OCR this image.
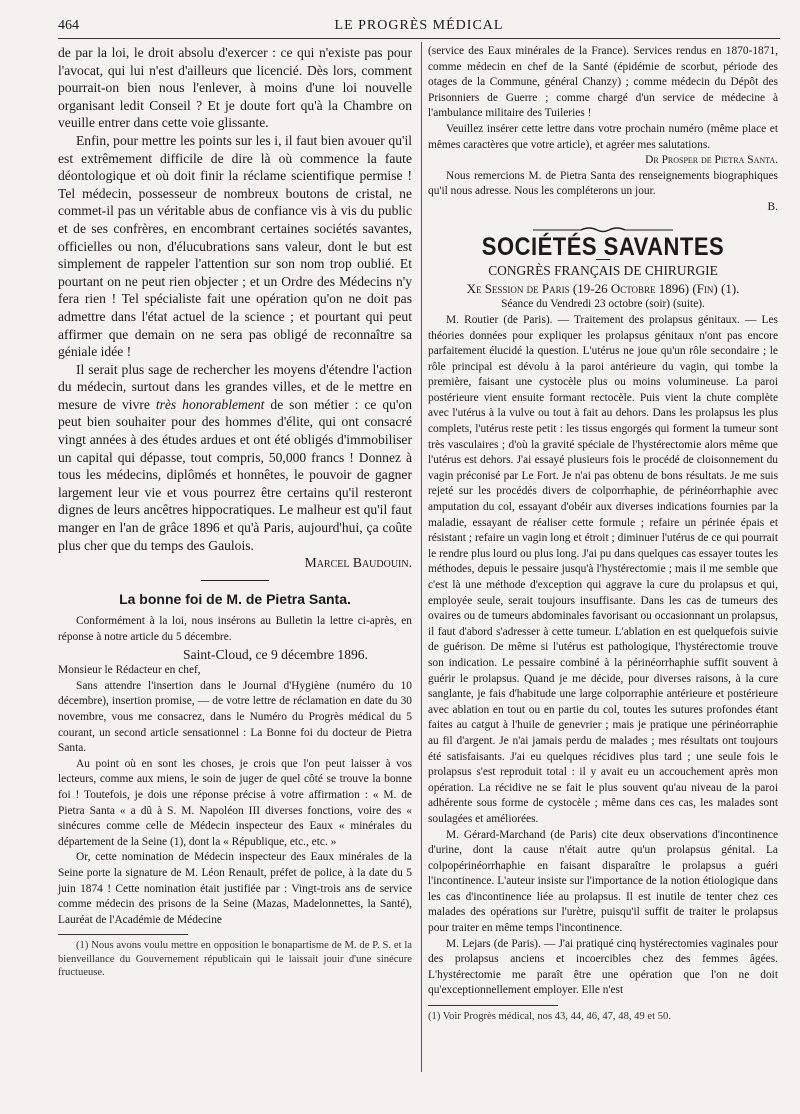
464	LE PROGRÈS MÉDICAL

de par la loi, le droit absolu d'exercer : ce qui n'existe pas pour l'avocat, qui lui n'est d'ailleurs que licencié. Dès lors, comment pourrait-on bien nous l'enlever, à moins d'une loi nouvelle organisant ledit Conseil ? Et je doute fort qu'à la Chambre on veuille entrer dans cette voie glissante.

Enfin, pour mettre les points sur les i, il faut bien avouer qu'il est extrêmement difficile de dire là où commence la faute déontologique et où doit finir la réclame scientifique permise ! Tel médecin, possesseur de nombreux boutons de cristal, ne commet-il pas un véritable abus de confiance vis à vis du public et de ses confrères, en encombrant certaines sociétés savantes, officielles ou non, d'élucubrations sans valeur, dont le but est simplement de rappeler l'attention sur son nom trop oublié. Et pourtant on ne peut rien objecter ; et un Ordre des Médecins n'y fera rien ! Tel spécialiste fait une opération qu'on ne doit pas admettre dans l'état actuel de la science ; et pourtant qui peut affirmer que demain on ne sera pas obligé de reconnaître sa géniale idée !

Il serait plus sage de rechercher les moyens d'étendre l'action du médecin, surtout dans les grandes villes, et de le mettre en mesure de vivre très honorablement de son métier : ce qu'on peut bien souhaiter pour des hommes d'élite, qui ont consacré vingt années à des études ardues et ont été obligés d'immobiliser un capital qui dépasse, tout compris, 50,000 francs ! Donnez à tous les médecins, diplômés et honnêtes, le pouvoir de gagner largement leur vie et vous pourrez être certains qu'il resteront dignes de leurs ancêtres hippocratiques. Le malheur est qu'il faut manger en l'an de grâce 1896 et qu'à Paris, aujourd'hui, ça coûte plus cher que du temps des Gaulois.

Marcel Baudouin.

La bonne foi de M. de Pietra Santa.

Conformément à la loi, nous insérons au Bulletin la lettre ci-après, en réponse à notre article du 5 décembre.

Saint-Cloud, ce 9 décembre 1896.

Monsieur le Rédacteur en chef,

Sans attendre l'insertion dans le Journal d'Hygiène (numéro du 10 décembre), insertion promise, — de votre lettre de réclamation en date du 30 novembre, vous me consacrez, dans le Numéro du Progrès médical du 5 courant, un second article sensationnel : La Bonne foi du docteur de Pietra Santa.

Au point où en sont les choses, je crois que l'on peut laisser à vos lecteurs, comme aux miens, le soin de juger de quel côté se trouve la bonne foi ! Toutefois, je dois une réponse précise à votre affirmation : « M. de Pietra Santa « a dû à S. M. Napoléon III diverses fonctions, voire des « sinécures comme celle de Médecin inspecteur des Eaux « minérales du département de la Seine (1), dont la « République, etc., etc. »

Or, cette nomination de Médecin inspecteur des Eaux minérales de la Seine porte la signature de M. Léon Renault, préfet de police, à la date du 5 juin 1874 ! Cette nomination était justifiée par : Vingt-trois ans de service comme médecin des prisons de la Seine (Mazas, Madelonnettes, la Santé), Lauréat de l'Académie de Médecine

(1) Nous avons voulu mettre en opposition le bonapartisme de M. de P. S. et la bienveillance du Gouvernement républicain qui le laissait jouir d'une sinécure fructueuse.

(service des Eaux minérales de la France). Services rendus en 1870-1871, comme médecin en chef de la Santé (épidémie de scorbut, période des otages de la Commune, général Chanzy) ; comme médecin du Dépôt des Prisonniers de Guerre ; comme chargé d'un service de médecine à l'ambulance militaire des Tuileries !

Veuillez insérer cette lettre dans votre prochain numéro (même place et mêmes caractères que votre article), et agréer mes salutations.

Dr Prosper de Pietra Santa.

Nous remercions M. de Pietra Santa des renseignements biographiques qu'il nous adresse. Nous les compléterons un jour.

B.

SOCIÉTÉS SAVANTES
CONGRÈS FRANÇAIS DE CHIRURGIE
Xe Session de Paris (19-26 Octobre 1896) (Fin) (1).

Séance du Vendredi 23 octobre (soir) (suite).

M. Routier (de Paris). — Traitement des prolapsus génitaux. — Les théories données pour expliquer les prolapsus génitaux n'ont pas encore parfaitement élucidé la question. L'utérus ne joue qu'un rôle secondaire ; le rôle principal est dévolu à la paroi antérieure du vagin, qui tombe la première, faisant une cystocèle plus ou moins volumineuse. La paroi postérieure vient ensuite formant rectocèle. Puis vient la chute complète avec l'utérus à la vulve ou tout à fait au dehors. Dans les prolapsus les plus complets, l'utérus reste petit : les tissus engorgés qui forment la tumeur sont très vasculaires ; d'où la gravité spéciale de l'hystérectomie alors même que l'utérus est dehors. J'ai essayé plusieurs fois le procédé de cloisonnement du vagin préconisé par Le Fort. Je n'ai pas obtenu de bons résultats. Je me suis rejeté sur les procédés divers de colporrhaphie, de périnéorrhaphie avec amputation du col, essayant d'obéir aux diverses indications fournies par la maladie, essayant de réaliser cette formule ; refaire un périnée épais et résistant ; refaire un vagin long et étroit ; diminuer l'utérus de ce qui pourrait le rendre plus lourd ou plus long. J'ai pu dans quelques cas essayer toutes les méthodes, depuis le pessaire jusqu'à l'hystérectomie ; mais il me semble que c'est là une méthode d'exception qui aggrave la cure du prolapsus et qui, employée seule, serait toujours insuffisante. Dans les cas de tumeurs des ovaires ou de tumeurs abdominales favorisant ou occasionnant un prolapsus, il faut d'abord s'adresser à cette tumeur. L'ablation en est quelquefois suivie de guérison. De même si l'utérus est pathologique, l'hystérectomie trouve son indication. Le pessaire combiné à la périnéorrhaphie suffit souvent à guérir le prolapsus. Quand je me décide, pour diverses raisons, à la cure sanglante, je fais d'habitude une large colporraphie antérieure et postérieure avec ablation en tout ou en partie du col, toutes les sutures profondes étant faites au catgut à l'huile de genevrier ; mais je pratique une périnéorraphie au fil d'argent. Je n'ai jamais perdu de malades ; mes résultats ont toujours été satisfaisants. J'ai eu quelques récidives plus tard ; une seule fois le prolapsus s'est reproduit total : il y avait eu un accouchement après mon opération. La récidive ne se fait le plus souvent qu'au niveau de la paroi adhérente sous forme de cystocèle ; même dans ces cas, les malades sont soulagées et améliorées.

M. Gérard-Marchand (de Paris) cite deux observations d'incontinence d'urine, dont la cause n'était autre qu'un prolapsus génital. La colpopérinéorrhaphie en faisant disparaître le prolapsus a guéri l'incontinence. L'auteur insiste sur l'importance de la notion étiologique dans les cas d'incontinence liée au prolapsus. Il est inutile de tenter chez ces malades des opérations sur l'urètre, puisqu'il suffit de traiter le prolapsus pour traiter en même temps l'incontinence.

M. Lejars (de Paris). — J'ai pratiqué cinq hystérectomies vaginales pour des prolapsus anciens et incoercibles chez des femmes âgées. L'hystérectomie me paraît être une opération que l'on ne doit qu'exceptionnellement employer. Elle n'est

(1) Voir Progrès médical, nos 43, 44, 46, 47, 48, 49 et 50.
